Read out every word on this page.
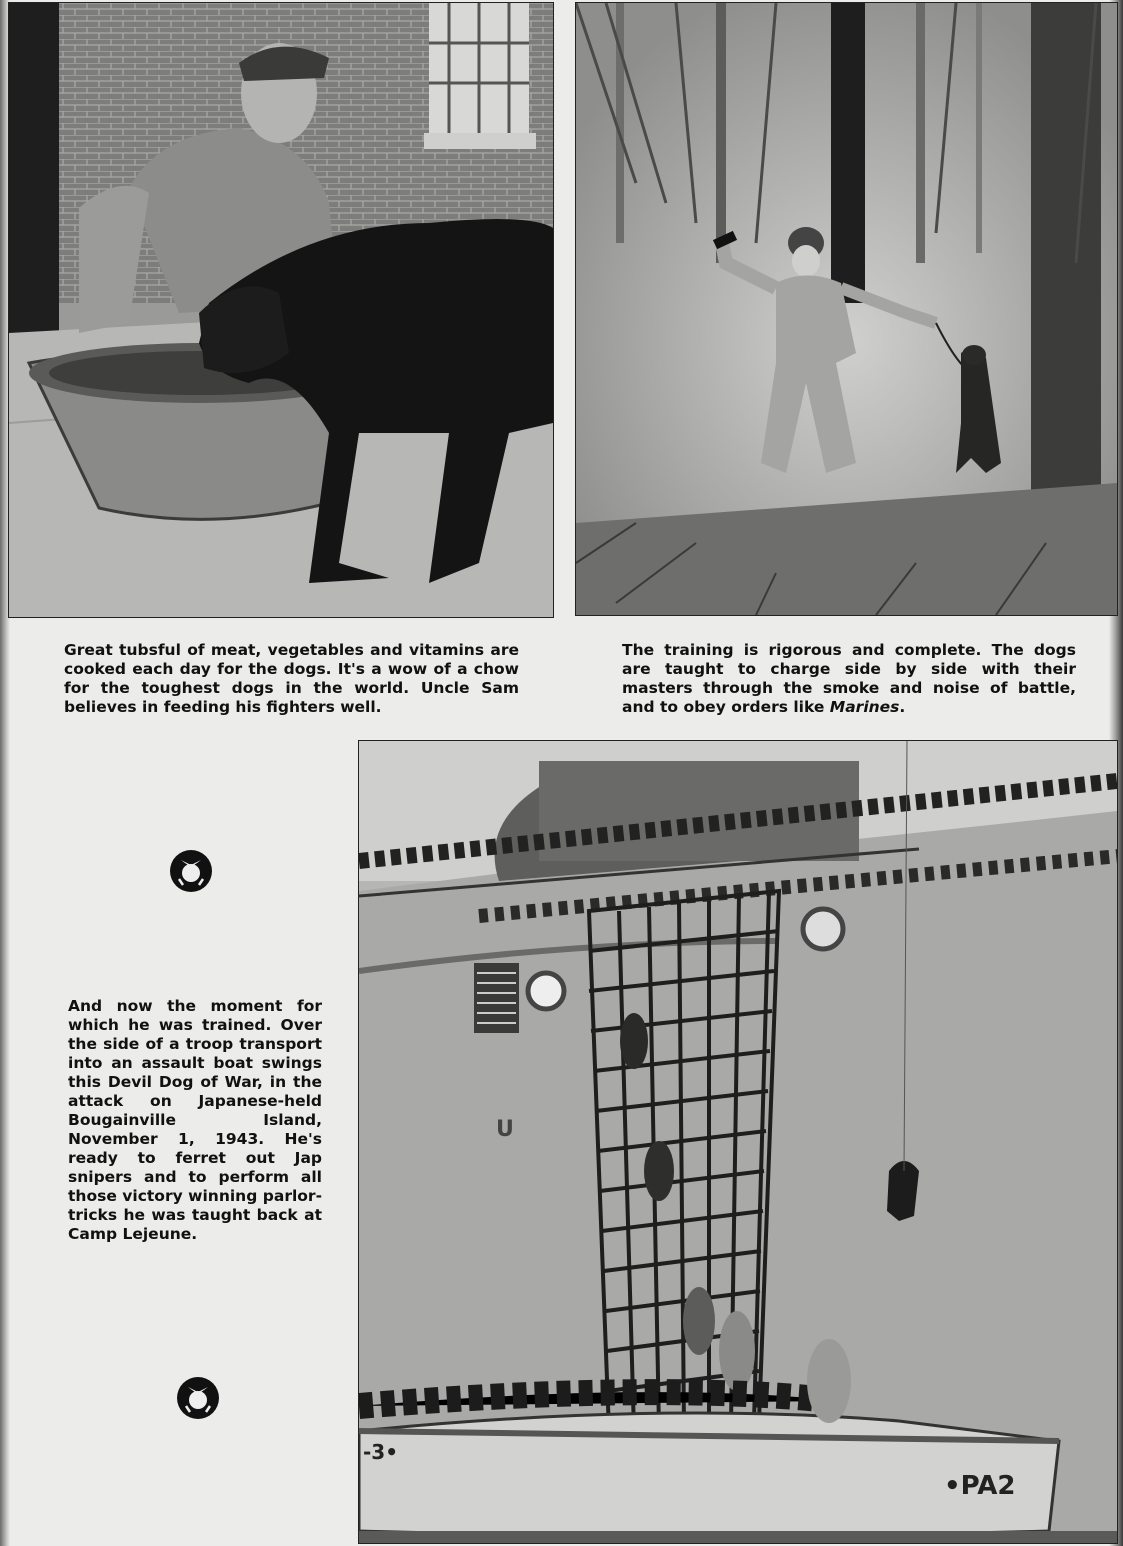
Great tubsful of meat, vegetables and vitamins are cooked each day for the dogs. It's a wow of a chow for the toughest dogs in the world. Uncle Sam believes in feeding his fighters well.

The training is rigorous and complete. The dogs are taught to charge side by side with their masters through the smoke and noise of battle, and to obey orders like Marines.

And now the moment for which he was trained. Over the side of a troop transport into an assault boat swings this Devil Dog of War, in the attack on Japanese-held Bougainville Island, November 1, 1943. He's ready to ferret out Jap snipers and to perform all those victory winning parlor-tricks he was taught back at Camp Lejeune.

U
•PA2
-3•
